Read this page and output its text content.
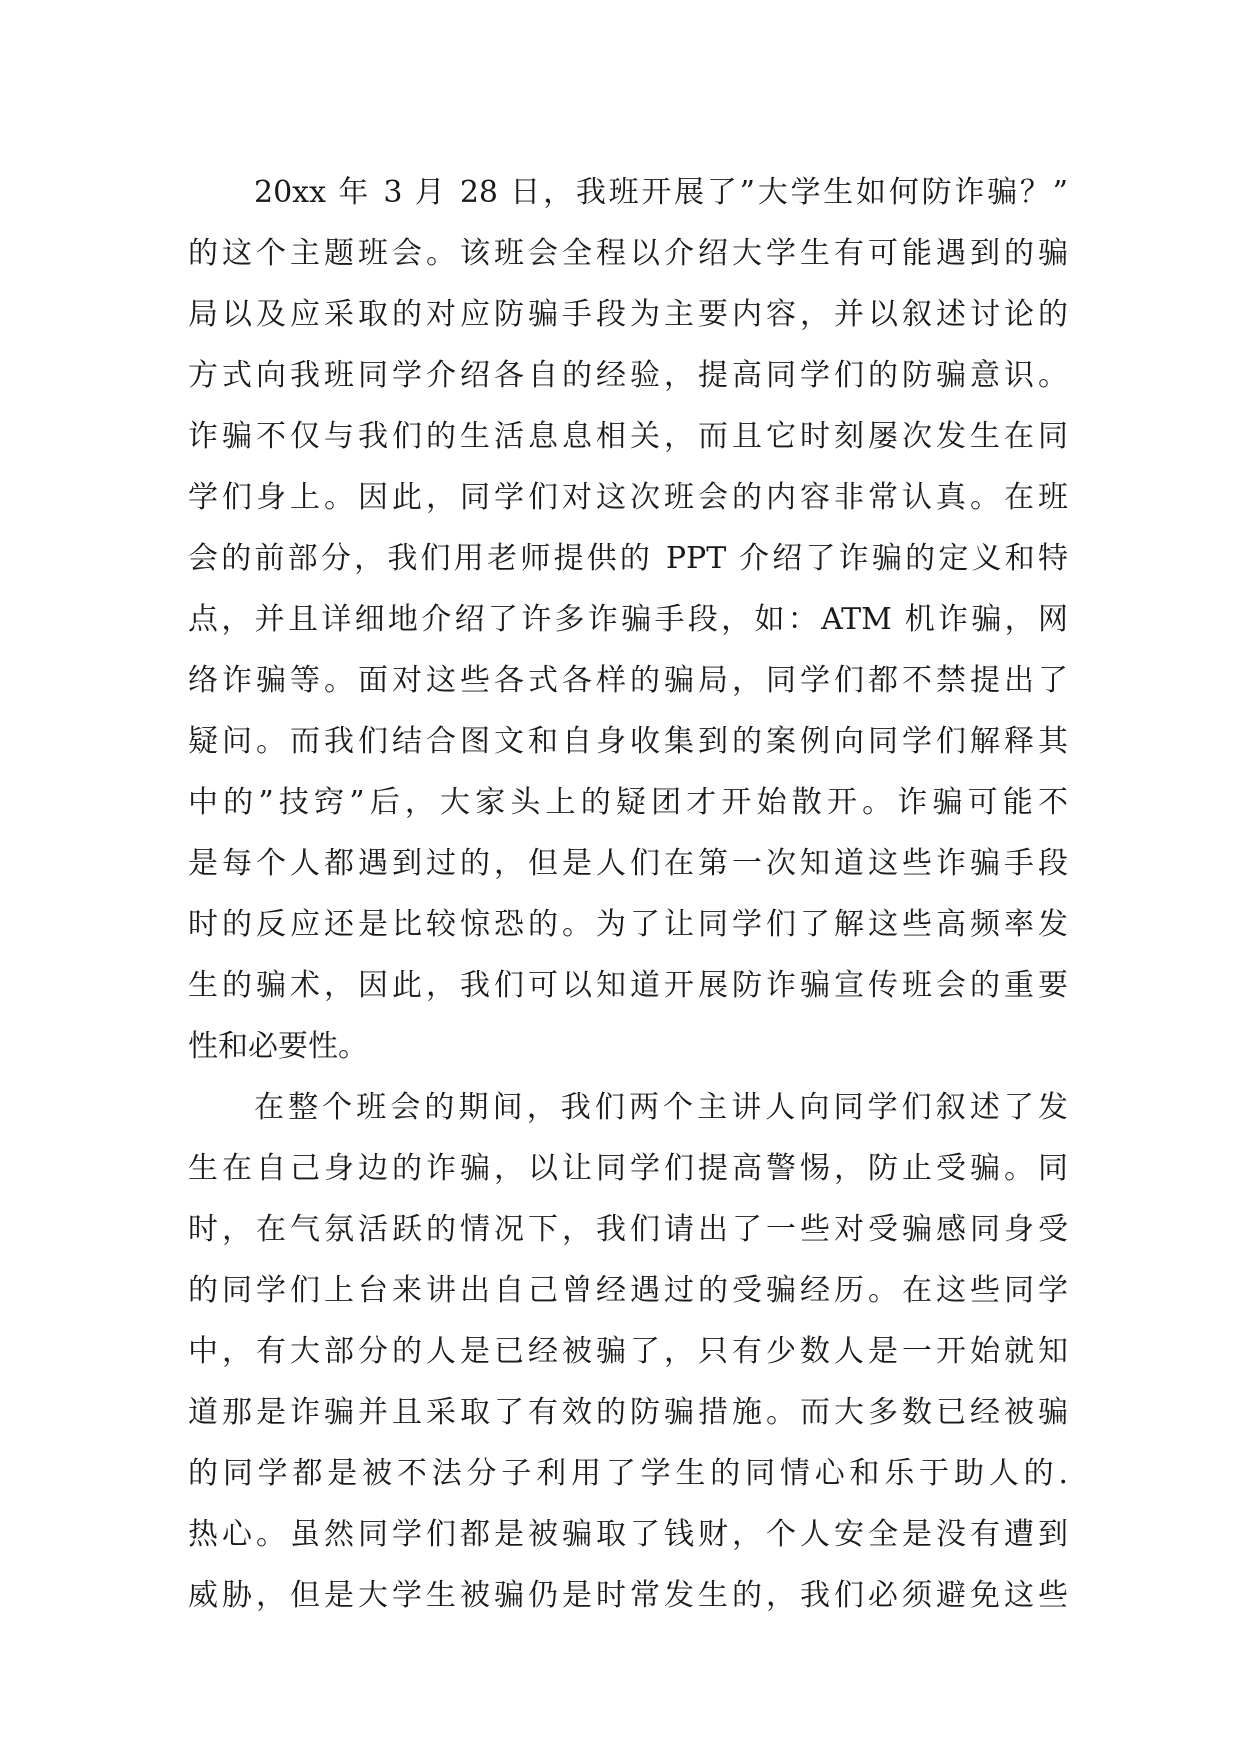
20xx 年 3 月 28 日，我班开展了”大学生如何防诈骗？”
的这个主题班会。该班会全程以介绍大学生有可能遇到的骗
局以及应采取的对应防骗手段为主要内容，并以叙述讨论的
方式向我班同学介绍各自的经验，提高同学们的防骗意识。
诈骗不仅与我们的生活息息相关，而且它时刻屡次发生在同
学们身上。因此，同学们对这次班会的内容非常认真。在班
会的前部分，我们用老师提供的 PPT 介绍了诈骗的定义和特
点，并且详细地介绍了许多诈骗手段，如：ATM 机诈骗，网
络诈骗等。面对这些各式各样的骗局，同学们都不禁提出了
疑问。而我们结合图文和自身收集到的案例向同学们解释其
中的”技窍”后，大家头上的疑团才开始散开。诈骗可能不
是每个人都遇到过的，但是人们在第一次知道这些诈骗手段
时的反应还是比较惊恐的。为了让同学们了解这些高频率发
生的骗术，因此，我们可以知道开展防诈骗宣传班会的重要
性和必要性。
在整个班会的期间，我们两个主讲人向同学们叙述了发
生在自己身边的诈骗，以让同学们提高警惕，防止受骗。同
时，在气氛活跃的情况下，我们请出了一些对受骗感同身受
的同学们上台来讲出自己曾经遇过的受骗经历。在这些同学
中，有大部分的人是已经被骗了，只有少数人是一开始就知
道那是诈骗并且采取了有效的防骗措施。而大多数已经被骗
的同学都是被不法分子利用了学生的同情心和乐于助人的.
热心。虽然同学们都是被骗取了钱财，个人安全是没有遭到
威胁，但是大学生被骗仍是时常发生的，我们必须避免这些
